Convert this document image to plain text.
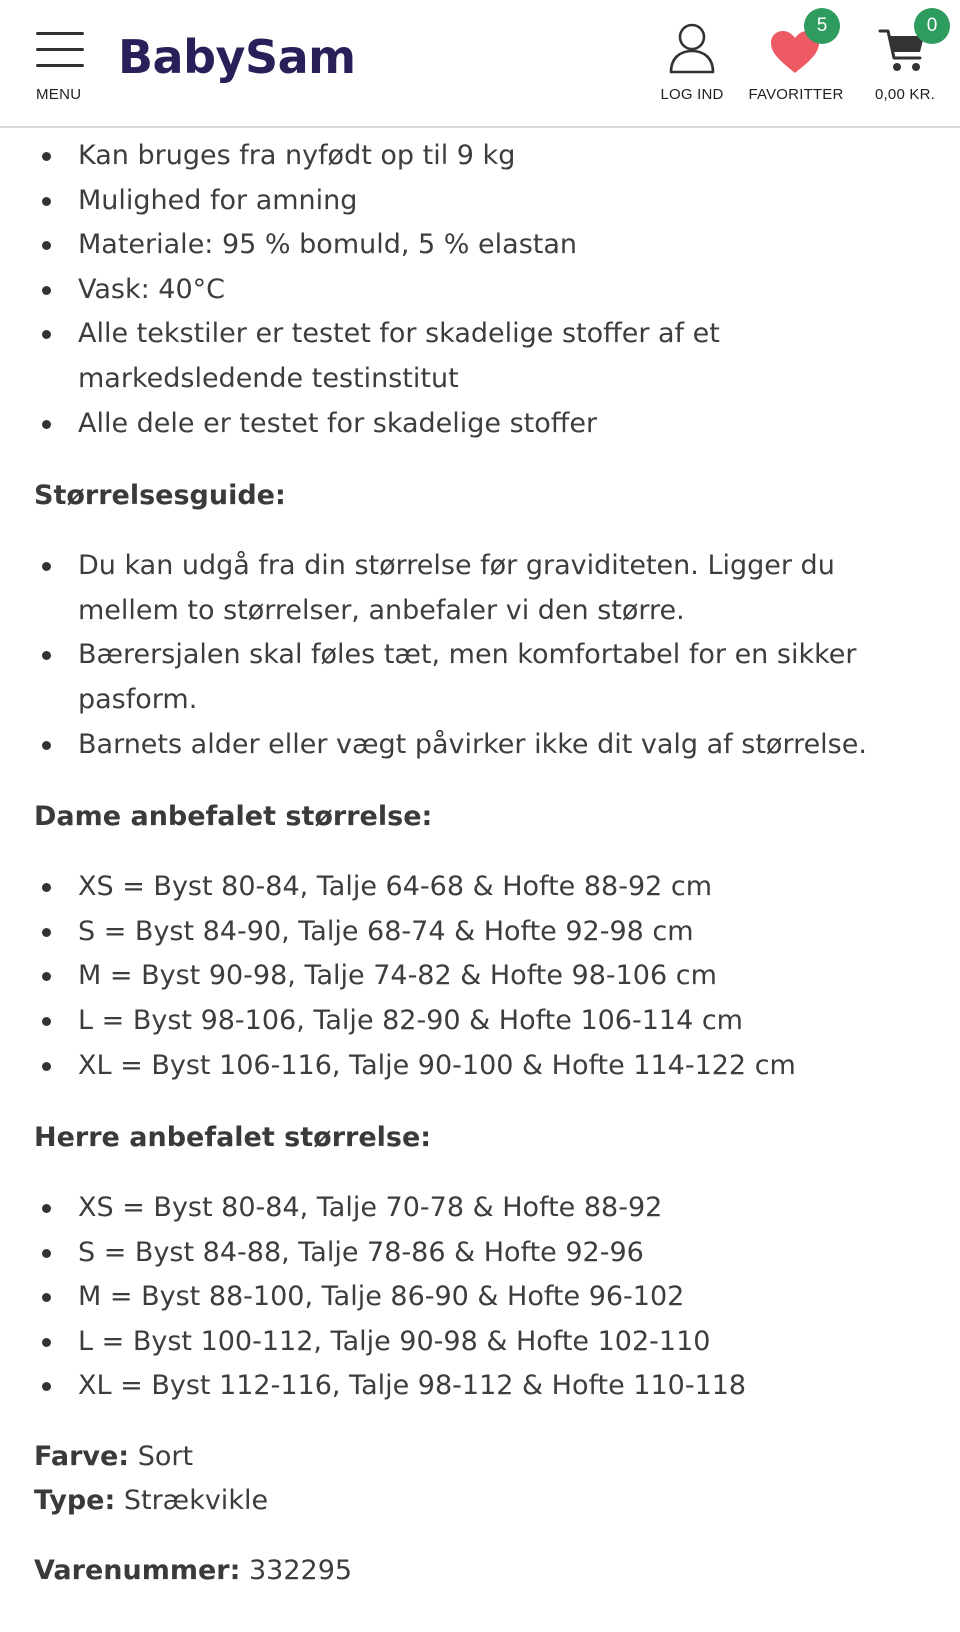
MENU
BabySam
LOG IND
5
FAVORITTER
0
0,00 KR.
Kan bruges fra nyfødt op til 9 kg
Mulighed for amning
Materiale: 95 % bomuld, 5 % elastan
Vask: 40°C
Alle tekstiler er testet for skadelige stoffer af et markedsledende testinstitut
Alle dele er testet for skadelige stoffer
Størrelsesguide:
Du kan udgå fra din størrelse før graviditeten. Ligger du mellem to størrelser, anbefaler vi den større.
Bærersjalen skal føles tæt, men komfortabel for en sikker pasform.
Barnets alder eller vægt påvirker ikke dit valg af størrelse.
Dame anbefalet størrelse:
XS = Byst 80-84, Talje 64-68 & Hofte 88-92 cm
S = Byst 84-90, Talje 68-74 & Hofte 92-98 cm
M = Byst 90-98, Talje 74-82 & Hofte 98-106 cm
L = Byst 98-106, Talje 82-90 & Hofte 106-114 cm
XL = Byst 106-116, Talje 90-100 & Hofte 114-122 cm
Herre anbefalet størrelse:
XS = Byst 80-84, Talje 70-78 & Hofte 88-92
S = Byst 84-88, Talje 78-86 & Hofte 92-96
M = Byst 88-100, Talje 86-90 & Hofte 96-102
L = Byst 100-112, Talje 90-98 & Hofte 102-110
XL = Byst 112-116, Talje 98-112 & Hofte 110-118
Farve: Sort
Type: Strækvikle
Varenummer: 332295
